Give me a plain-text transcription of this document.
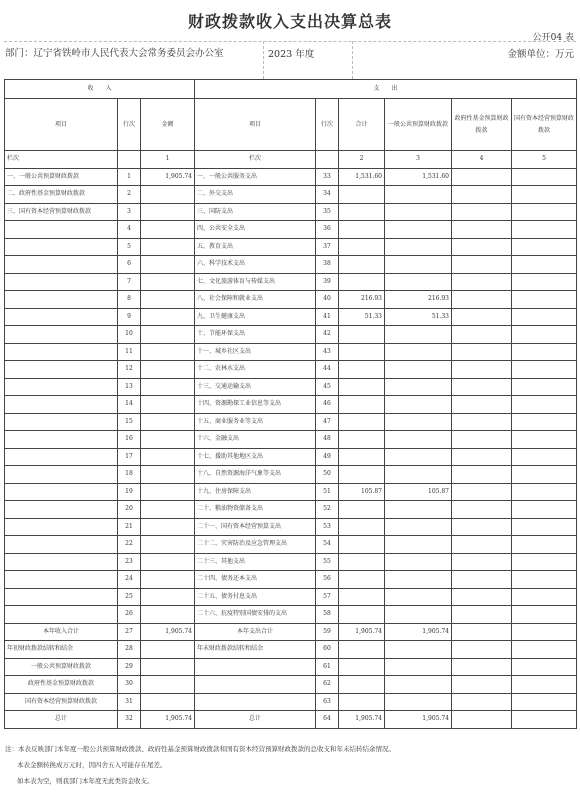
财政拨款收入支出决算总表
公开04 表
部门：辽宁省铁岭市人民代表大会常务委员会办公室	2023 年度	金额单位：万元
收　　入			支　　出					
项目	行次	金额	项目	行次	合计	一般公共预算财政拨款	政府性基金预算财政拨款	国有资本经营预算财政拨款
栏次		1	栏次		2	3	4	5
一、一般公共预算财政拨款	1	1,905.74	一、一般公共服务支出	33	1,531.60	1,531.60		
二、政府性基金预算财政拨款	2		二、外交支出	34				
三、国有资本经营预算财政拨款	3		三、国防支出	35				
	4		四、公共安全支出	36				
	5		五、教育支出	37				
	6		六、科学技术支出	38				
	7		七、文化旅游体育与传媒支出	39				
	8		八、社会保障和就业支出	40	216.93	216.93		
	9		九、卫生健康支出	41	51.33	51.33		
	10		十、节能环保支出	42				
	11		十一、城乡社区支出	43				
	12		十二、农林水支出	44				
	13		十三、交通运输支出	45				
	14		十四、资源勘探工业信息等支出	46				
	15		十五、商业服务业等支出	47				
	16		十六、金融支出	48				
	17		十七、援助其他地区支出	49				
	18		十八、自然资源海洋气象等支出	50				
	19		十九、住房保障支出	51	105.87	105.87		
	20		二十、粮油物资储备支出	52				
	21		二十一、国有资本经营预算支出	53				
	22		二十二、灾害防治及应急管理支出	54				
	23		二十三、其他支出	55				
	24		二十四、债务还本支出	56				
	25		二十五、债务付息支出	57				
	26		二十六、抗疫特别国债安排的支出	58				
本年收入合计	27	1,905.74	本年支出合计	59	1,905.74	1,905.74		
年初财政拨款结转和结余	28		年末财政拨款结转和结余	60				
一般公共预算财政拨款	29			61				
政府性基金预算财政拨款	30			62				
国有资本经营预算财政拨款	31			63				
总计	32	1,905.74	总计	64	1,905.74	1,905.74		
注：本表反映部门本年度一般公共预算财政拨款、政府性基金预算财政拨款和国有资本经营预算财政拨款的总收支和年末结转结余情况。
本表金额转换成万元时，因四舍五入可能存在尾差。
如本表为空，则我部门本年度无此类资金收支。
